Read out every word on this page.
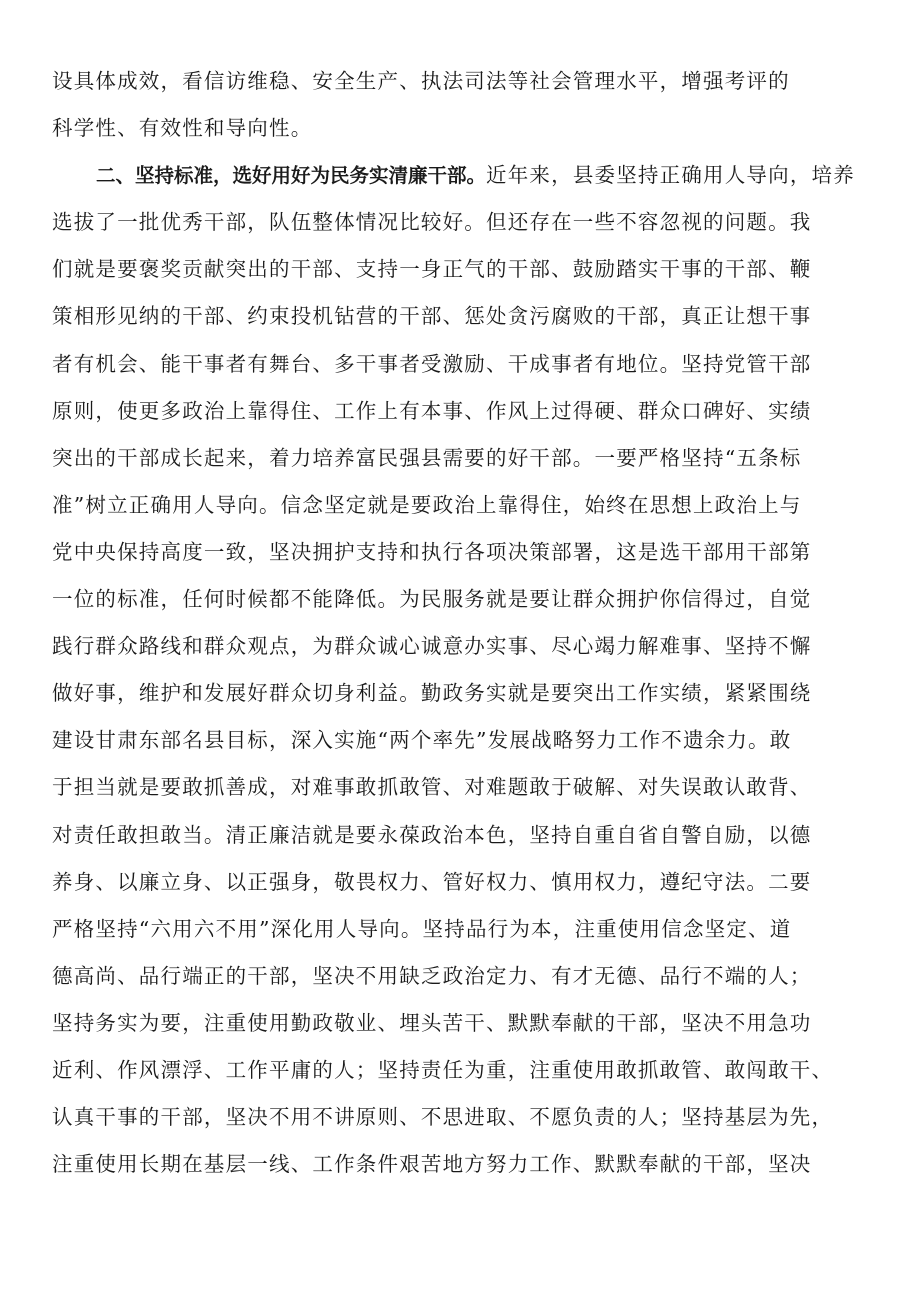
设具体成效，看信访维稳、安全生产、执法司法等社会管理水平，增强考评的
科学性、有效性和导向性。
二、坚持标准，选好用好为民务实清廉干部。近年来，县委坚持正确用人导向，培养
选拔了一批优秀干部，队伍整体情况比较好。但还存在一些不容忽视的问题。我
们就是要褒奖贡献突出的干部、支持一身正气的干部、鼓励踏实干事的干部、鞭
策相形见纳的干部、约束投机钻营的干部、惩处贪污腐败的干部，真正让想干事
者有机会、能干事者有舞台、多干事者受激励、干成事者有地位。坚持党管干部
原则，使更多政治上靠得住、工作上有本事、作风上过得硬、群众口碑好、实绩
突出的干部成长起来，着力培养富民强县需要的好干部。一要严格坚持“五条标
准”树立正确用人导向。信念坚定就是要政治上靠得住，始终在思想上政治上与
党中央保持高度一致，坚决拥护支持和执行各项决策部署，这是选干部用干部第
一位的标准，任何时候都不能降低。为民服务就是要让群众拥护你信得过，自觉
践行群众路线和群众观点，为群众诚心诚意办实事、尽心竭力解难事、坚持不懈
做好事，维护和发展好群众切身利益。勤政务实就是要突出工作实绩，紧紧围绕
建设甘肃东部名县目标，深入实施“两个率先”发展战略努力工作不遗余力。敢
于担当就是要敢抓善成，对难事敢抓敢管、对难题敢于破解、对失误敢认敢背、
对责任敢担敢当。清正廉洁就是要永葆政治本色，坚持自重自省自警自励，以德
养身、以廉立身、以正强身，敬畏权力、管好权力、慎用权力，遵纪守法。二要
严格坚持“六用六不用”深化用人导向。坚持品行为本，注重使用信念坚定、道
德高尚、品行端正的干部，坚决不用缺乏政治定力、有才无德、品行不端的人；
坚持务实为要，注重使用勤政敬业、埋头苦干、默默奉献的干部，坚决不用急功
近利、作风漂浮、工作平庸的人；坚持责任为重，注重使用敢抓敢管、敢闯敢干、
认真干事的干部，坚决不用不讲原则、不思进取、不愿负责的人；坚持基层为先，
注重使用长期在基层一线、工作条件艰苦地方努力工作、默默奉献的干部，坚决
